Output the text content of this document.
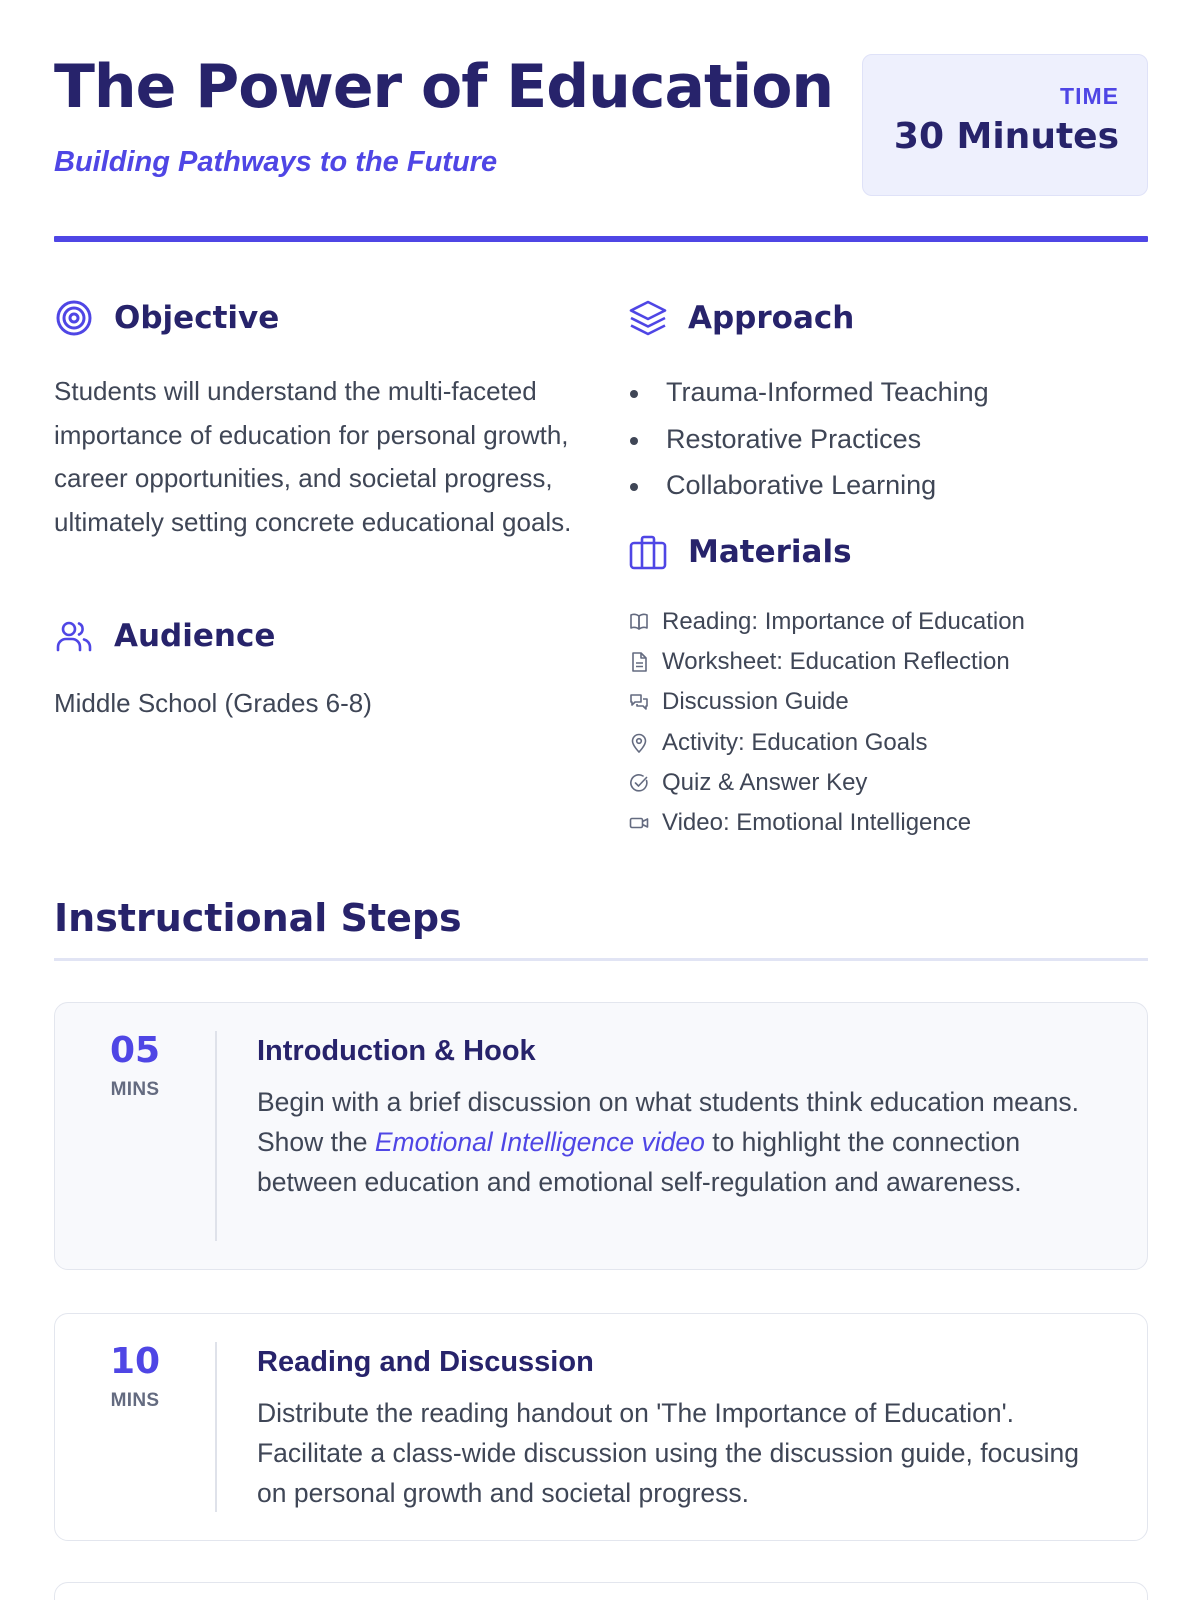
The Power of Education
Building Pathways to the Future
TIME
30 Minutes
Objective

Students will understand the multi-faceted importance of education for personal growth, career opportunities, and societal progress, ultimately setting concrete educational goals.

Audience

Middle School (Grades 6-8)

Approach
Trauma-Informed Teaching
Restorative Practices
Collaborative Learning
Materials
Reading: Importance of Education
Worksheet: Education Reflection
Discussion Guide
Activity: Education Goals
Quiz & Answer Key
Video: Emotional Intelligence
Instructional Steps
05
MINS
Introduction & Hook

Begin with a brief discussion on what students think education means. Show the Emotional Intelligence video to highlight the connection between education and emotional self-regulation and awareness.

10
MINS
Reading and Discussion

Distribute the reading handout on 'The Importance of Education'. Facilitate a class-wide discussion using the discussion guide, focusing on personal growth and societal progress.
